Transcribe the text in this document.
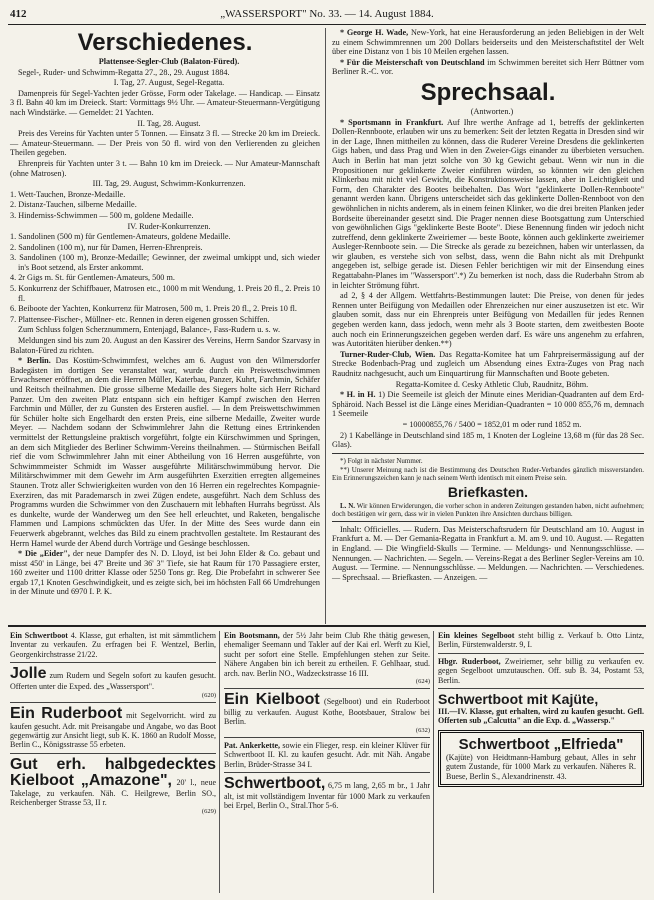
412	„WASSERSPORT" No. 33. — 14. August 1884.
Verschiedenes.

Plattensee-Segler-Club (Balaton-Füred).

Segel-, Ruder- und Schwimm-Regatta 27., 28., 29. August 1884.

I. Tag, 27. August, Segel-Regatta.

Damenpreis für Segel-Yachten jeder Grösse, Form oder Takelage. — Handicap. — Einsatz 3 fl. Bahn 40 km im Dreieck. Start: Vormittags 9½ Uhr. — Amateur-Steuermann-Vergütigung nach Windstärke. — Gemeldet: 21 Yachten.

II. Tag, 28. August.

Preis des Vereins für Yachten unter 5 Tonnen. — Einsatz 3 fl. — Strecke 20 km im Dreieck. — Amateur-Steuermann. — Der Preis von 50 fl. wird von den Verlierenden zu gleichen Theilen gegeben.

Ehrenpreis für Yachten unter 3 t. — Bahn 10 km im Dreieck. — Nur Amateur-Mannschaft (ohne Matrosen).

III. Tag, 29. August, Schwimm-Konkurrenzen.

1. Wett-Tauchen, Bronze-Medaille.

2. Distanz-Tauchen, silberne Medaille.

3. Hinderniss-Schwimmen — 500 m, goldene Medaille.

IV. Ruder-Konkurrenzen.

1. Sandolinen (500 m) für Gentlemen-Amateurs, goldene Medaille.

2. Sandolinen (100 m), nur für Damen, Herren-Ehrenpreis.

3. Sandolinen (100 m), Bronze-Medaille; Gewinner, der zweimal umkippt und, sich wieder in's Boot setzend, als Erster ankommt.

4. 2r Gigs m. St. für Gentlemen-Amateurs, 500 m.

5. Konkurrenz der Schiffbauer, Matrosen etc., 1000 m mit Wendung, 1. Preis 20 fl., 2. Preis 10 fl.

6. Beiboote der Yachten, Konkurrenz für Matrosen, 500 m, 1. Preis 20 fl., 2. Preis 10 fl.

7. Plattensee-Fischer-, Müllner- etc. Rennen in deren eigenen grossen Schiffen.

Zum Schluss folgen Scherznummern, Entenjagd, Balance-, Fass-Rudern u. s. w.

Meldungen sind bis zum 20. August an den Kassirer des Vereins, Herrn Sandor Szarvasy in Balaton-Füred zu richten.

* Berlin. Das Kostüm-Schwimmfest, welches am 6. August von den Wilmersdorfer Badegästen im dortigen See veranstaltet war, wurde durch ein Preiswettschwimmen Erwachsener eröffnet, an dem die Herren Müller, Katerbau, Panzer, Kuhrt, Farchmin, Schäfer und Reitsch theilnahmen. Die grosse silberne Medaille des Siegers holte sich Herr Richard Panzer. Um den zweiten Platz entspann sich ein heftiger Kampf zwischen den Herren Farchmin und Müller, der zu Gunsten des Ersteren ausfiel. — In dem Preiswettschwimmen für Schüler holte sich Engelhardt den ersten Preis, eine silberne Medaille, Zweiter wurde Meyer. — Nachdem sodann der Schwimmlehrer Jahn die Rettung eines Ertrinkenden vermittelst der Rettungsleine praktisch vorgeführt, folgte ein Kürschwimmen und Springen, an dem sich Mitglieder des Berliner Schwimm-Vereins theilnahmen. — Stürmischen Beifall rief die vom Schwimmlehrer Jahn mit einer Abtheilung von 16 Herren ausgeführte, von Schwimmmeister Schmidt im Wasser ausgeführte Militärschwimmübung hervor. Die Militärschwimmer mit dem Gewehr im Arm ausgeführten Exerzitien erregten allgemeines Staunen. Trotz aller Schwierigkeiten wurden von den 16 Herren ein regelrechtes Kompagnie-Exerziren, das mit Parademarsch in zwei Zügen endete, ausgeführt. Nach dem Schluss des Programms wurden die Schwimmer von den Zuschauern mit lebhaften Hurrahs begrüsst. Als es dunkelte, wurde der Wanderweg um den See hell erleuchtet, und Raketen, bengalische Flammen und Lampions schmückten das Ufer. In der Mitte des Sees wurde dann ein Feuerwerk abgebrannt, welches das Bild zu einem prachtvollen gestaltete. Im Restaurant des Herrn Hamel wurde der Abend durch Vorträge und Gesänge beschlossen.

* Die „Eider", der neue Dampfer des N. D. Lloyd, ist bei John Elder & Co. gebaut und misst 450' in Länge, bei 47' Breite und 36' 3" Tiefe, sie hat Raum für 170 Passagiere erster, 160 zweiter und 1100 dritter Klasse oder 5250 Tons gr. Reg. Die Probefahrt in schwerer See ergab 17,1 Knoten Geschwindigkeit, und es zeigte sich, bei im höchsten Fall 66 Umdrehungen in der Minute und 6970 I. P. K.

* George H. Wade, New-York, hat eine Herausforderung an jeden Beliebigen in der Welt zu einem Schwimmrennen um 200 Dollars beiderseits und den Meisterschaftstitel der Welt über eine Distanz von 1 bis 10 Meilen ergehen lassen.

* Für die Meisterschaft von Deutschland im Schwimmen bereitet sich Herr Büttner vom Berliner R.-C. vor.

Sprechsaal.

(Antworten.)

* Sportsmann in Frankfurt. Auf Ihre werthe Anfrage ad 1, betreffs der geklinkerten Dollen-Rennboote, erlauben wir uns zu bemerken: Seit der letzten Regatta in Dresden sind wir in der Lage, Ihnen mittheilen zu können, dass die Ruderer Vereine Dresdens die geklinkerten Gigs haben, und dass Prag und Wien in den Zweier-Gigs einander zu überbieten versuchen. Auch in Berlin hat man jetzt solche von 30 kg Gewicht gebaut. Wenn wir nun in die Propositionen nur geklinkerte Zweier einführen würden, so könnten wir den gleichen Klinkerbau mit nicht viel Gewicht, die Konstruktionsweise lassen, aber in Leichtigkeit und Form, den Charakter des Bootes beibehalten. Das Wort "geklinkerte Dollen-Rennboote" genannt werden kann. Übrigens unterscheidet sich das geklinkerte Dollen-Rennboot von den gewöhnlichen in nichts anderem, als in einem feinen Klinker, wo die drei breiten Planken jeder Bordseite übereinander gesetzt sind. Die Prager nennen diese Bootsgattung zum Unterschied von gewöhnlichen Gigs "geklinkerte Beste Boote". Diese Benennung finden wir jedoch nicht zutreffend, denn geklinkerte Zweiriemer — beste Boote, können auch geklinkerte zweiriemer Ausleger-Rennboote sein. — Die Strecke als gerade zu bezeichnen, haben wir unterlassen, da wir glauben, es verstehe sich von selbst, dass, wenn die Bahn nicht als mit Drehpunkt angegeben ist, selbige gerade ist. Diesen Fehler berichtigen wir mit der Einsendung eines Regattabahn-Planes im "Wassersport".*) Zu bemerken ist noch, dass die Ruderbahn Strom ab in leichter Strömung führt.

ad 2, § 4 der Allgem. Wettfahrts-Bestimmungen lautet: Die Preise, von denen für jedes Rennen unter Beifügung von Medaillen oder Ehrenzeichen nur einer auszusetzen ist etc. Wir glauben somit, dass nur ein Ehrenpreis unter Beifügung von Medaillen für jedes Rennen gegeben werden kann, dass jedoch, wenn mehr als 3 Boote starten, dem zweitbesten Boote auch noch ein Erinnerungszeichen gegeben werden darf. Es wäre uns angenehm zu erfahren, was Autoritäten hierüber denken.**)

Turner-Ruder-Club, Wien. Das Regatta-Komitee hat um Fahrpreisermässigung auf der Strecke Bodenbach-Prag und zugleich um Absendung eines Extra-Zuges von Prag nach Raudnitz nachgesucht, auch um Einquartirung für Mannschaften und Boote gebeten.

Regatta-Komitee d. Cesky Athletic Club, Raudnitz, Böhm.

* H. in H. 1) Die Seemeile ist gleich der Minute eines Meridian-Quadranten auf dem Erd-Sphäroid. Nach Bessel ist die Länge eines Meridian-Quadranten = 10 000 855,76 m, demnach 1 Seemeile

= 10000855,76 / 5400 = 1852,01 m oder rund 1852 m.

2) 1 Kabellänge in Deutschland sind 185 m, 1 Knoten der Logleine 13,68 m (für das 28 Sec. Glas).

*) Folgt in nächster Nummer.

**) Unserer Meinung nach ist die Bestimmung des Deutschen Ruder-Verbandes gänzlich missverstanden. Ein Erinnerungszeichen kann je nach seinem Werth identisch mit einem Preise sein.

Briefkasten.

L. N. Wir können Erwiderungen, die vorher schon in anderen Zeitungen gestanden haben, nicht aufnehmen; doch bestätigen wir gern, dass wir in vielen Punkten ihre Ansichten durchaus billigen.

Inhalt: Officielles. — Rudern. Das Meisterschaftsrudern für Deutschland am 10. August in Frankfurt a. M. — Der Gemania-Regatta in Frankfurt a. M. am 9. und 10. August. — Regatten in England. — Die Wingfield-Skulls — Termine. — Meldungs- und Nennungsschlüsse. — Nennungen. — Nachrichten. — Segeln. — Vereins-Regat a des Berliner Segler-Vereins am 10. August. — Termine. — Nennungsschlüsse. — Meldungen. — Nachrichten. — Verschiedenes. — Sprechsaal. — Briefkasten. — Anzeigen. —

Ein Schwertboot 4. Klasse, gut erhalten, ist mit sämmtlichem Inventar zu verkaufen. Zu erfragen bei F. Wentzel, Berlin, Georgenkirchstrasse 21/22.
Jolle zum Rudern und Segeln sofort zu kaufen gesucht. Offerten unter die Exped. des „Wassersport".
(620)
Ein Ruderboot mit Segelvorricht. wird zu kaufen gesucht. Adr. mit Preisangabe und Angabe, wo das Boot gegenwärtig zur Ansicht liegt, sub K. K. 1860 an Rudolf Mosse, Berlin C., Königsstrasse 55 erbeten.
Gut erh. halbgedecktes Kielboot „Amazone", 20' l., neue Takelage, zu verkaufen. Näh. C. Heilgrewe, Berlin SO., Reichenberger Strasse 53, II r.
(629)
Ein Bootsmann, der 5½ Jahr beim Club Rhe thätig gewesen, ehemaliger Seemann und Takler auf der Kai erl. Werft zu Kiel, sucht per sofort eine Stelle. Empfehlungen stehen zur Seite. Nähere Angaben bin ich bereit zu ertheilen. F. Gehlhaar, stud. arch. nav. Berlin NO., Wadzeckstrasse 16 III.
(624)
Ein Kielboot (Segelboot) und ein Ruderboot billig zu verkaufen. August Kothe, Bootsbauer, Stralow bei Berlin.
(632)
Pat. Ankerkette, sowie ein Flieger, resp. ein kleiner Klüver für Schwertboot II. Kl. zu kaufen gesucht. Adr. mit Näh. Angabe Berlin, Brüder-Strasse 34 I.
Schwertboot, 6,75 m lang, 2,65 m br., 1 Jahr alt, ist mit vollständigem Inventar für 1000 Mark zu verkaufen bei Erpel, Berlin O., Stral.Thor 5-6.
Ein kleines Segelboot steht billig z. Verkauf b. Otto Lintz, Berlin, Fürstenwalderstr. 9, I.
Hbgr. Ruderboot, Zweiriemer, sehr billig zu verkaufen ev. gegen Segelboot umzutauschen. Off. sub B. 34, Postamt 53, Berlin.
Schwertboot mit Kajüte,
III.—IV. Klasse, gut erhalten, wird zu kaufen gesucht. Gefl. Offerten sub „Calcutta" an die Exp. d. „Wassersp."
Schwertboot „Elfrieda"
(Kajüte) von Heidtmann-Hamburg gebaut, Alles in sehr gutem Zustande, für 1000 Mark zu verkaufen. Näheres R. Buese, Berlin S., Alexandrinenstr. 43.
